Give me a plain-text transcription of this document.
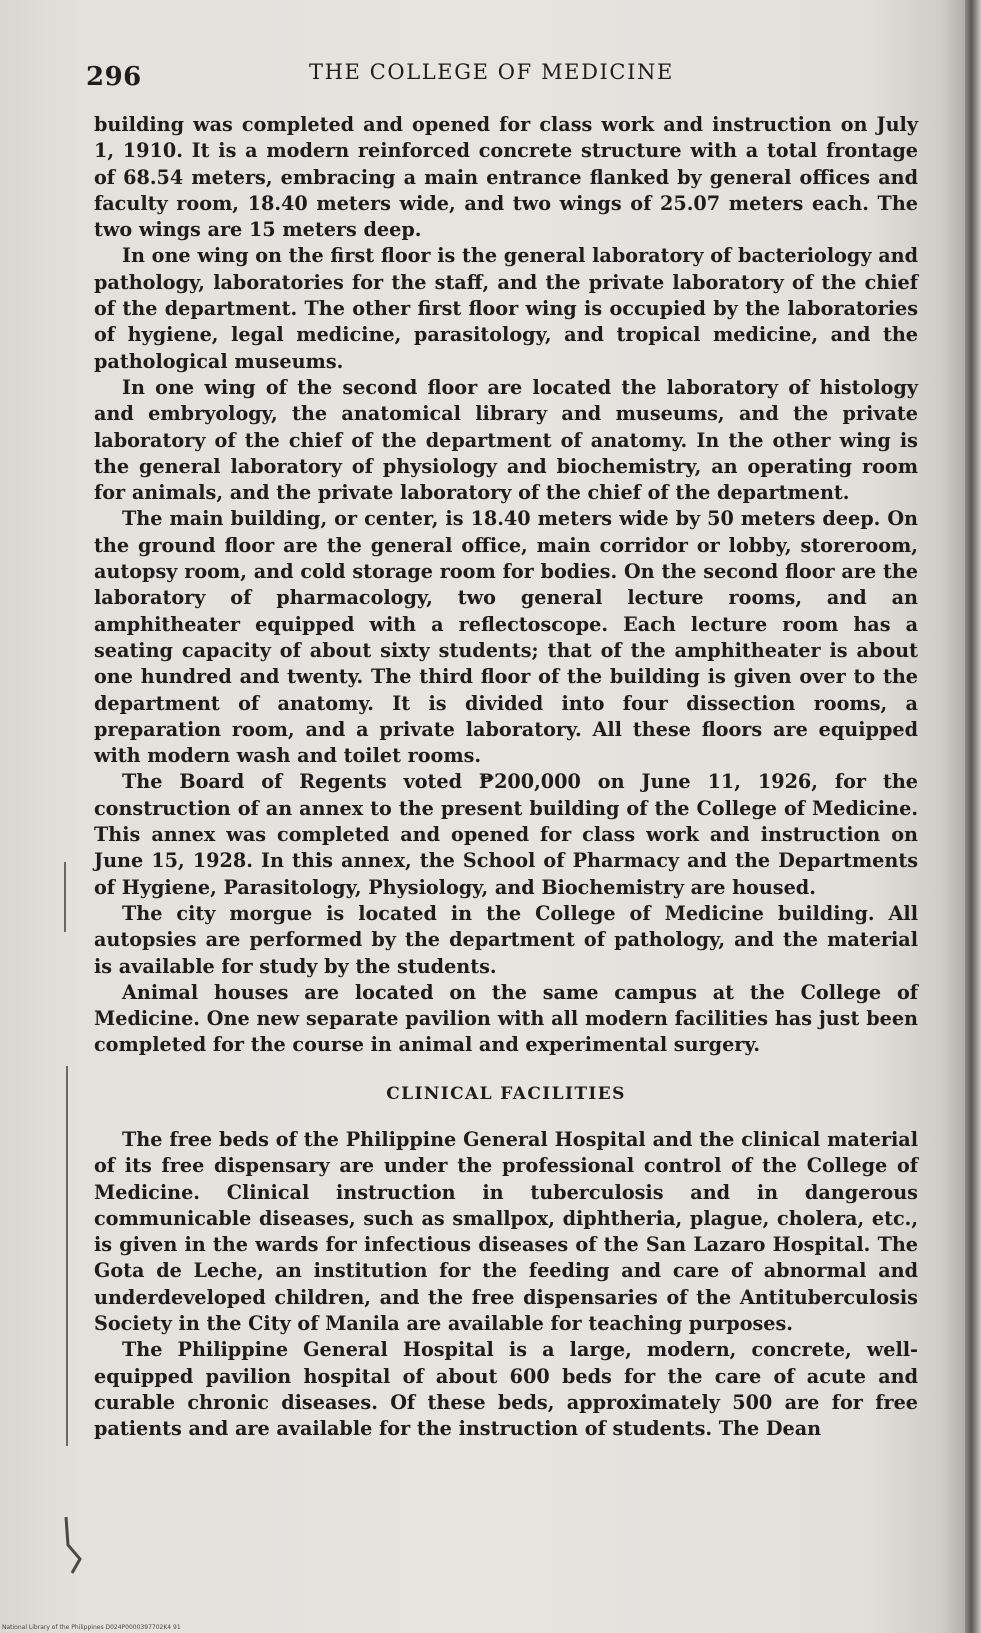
296	THE COLLEGE OF MEDICINE

building was completed and opened for class work and instruction on July 1, 1910. It is a modern reinforced concrete structure with a total frontage of 68.54 meters, embracing a main entrance flanked by general offices and faculty room, 18.40 meters wide, and two wings of 25.07 meters each. The two wings are 15 meters deep.

In one wing on the first floor is the general laboratory of bacteriology and pathology, laboratories for the staff, and the private laboratory of the chief of the department. The other first floor wing is occupied by the laboratories of hygiene, legal medicine, parasitology, and tropical medicine, and the pathological museums.

In one wing of the second floor are located the laboratory of histology and embryology, the anatomical library and museums, and the private laboratory of the chief of the department of anatomy. In the other wing is the general laboratory of physiology and biochemistry, an operating room for animals, and the private laboratory of the chief of the department.

The main building, or center, is 18.40 meters wide by 50 meters deep. On the ground floor are the general office, main corridor or lobby, storeroom, autopsy room, and cold storage room for bodies. On the second floor are the laboratory of pharmacology, two general lecture rooms, and an amphitheater equipped with a reflectoscope. Each lecture room has a seating capacity of about sixty students; that of the amphitheater is about one hundred and twenty. The third floor of the building is given over to the department of anatomy. It is divided into four dissection rooms, a preparation room, and a private laboratory. All these floors are equipped with modern wash and toilet rooms.

The Board of Regents voted ₱200,000 on June 11, 1926, for the construction of an annex to the present building of the College of Medicine. This annex was completed and opened for class work and instruction on June 15, 1928. In this annex, the School of Pharmacy and the Departments of Hygiene, Parasitology, Physiology, and Biochemistry are housed.

The city morgue is located in the College of Medicine building. All autopsies are performed by the department of pathology, and the material is available for study by the students.

Animal houses are located on the same campus at the College of Medicine. One new separate pavilion with all modern facilities has just been completed for the course in animal and experimental surgery.

CLINICAL FACILITIES

The free beds of the Philippine General Hospital and the clinical material of its free dispensary are under the professional control of the College of Medicine. Clinical instruction in tuberculosis and in dangerous communicable diseases, such as smallpox, diphtheria, plague, cholera, etc., is given in the wards for infectious diseases of the San Lazaro Hospital. The Gota de Leche, an institution for the feeding and care of abnormal and underdeveloped children, and the free dispensaries of the Antituberculosis Society in the City of Manila are available for teaching purposes.

The Philippine General Hospital is a large, modern, concrete, well-equipped pavilion hospital of about 600 beds for the care of acute and curable chronic diseases. Of these beds, approximately 500 are for free patients and are available for the instruction of students. The Dean

National Library of the Philippines D024P0000397702K4 91
